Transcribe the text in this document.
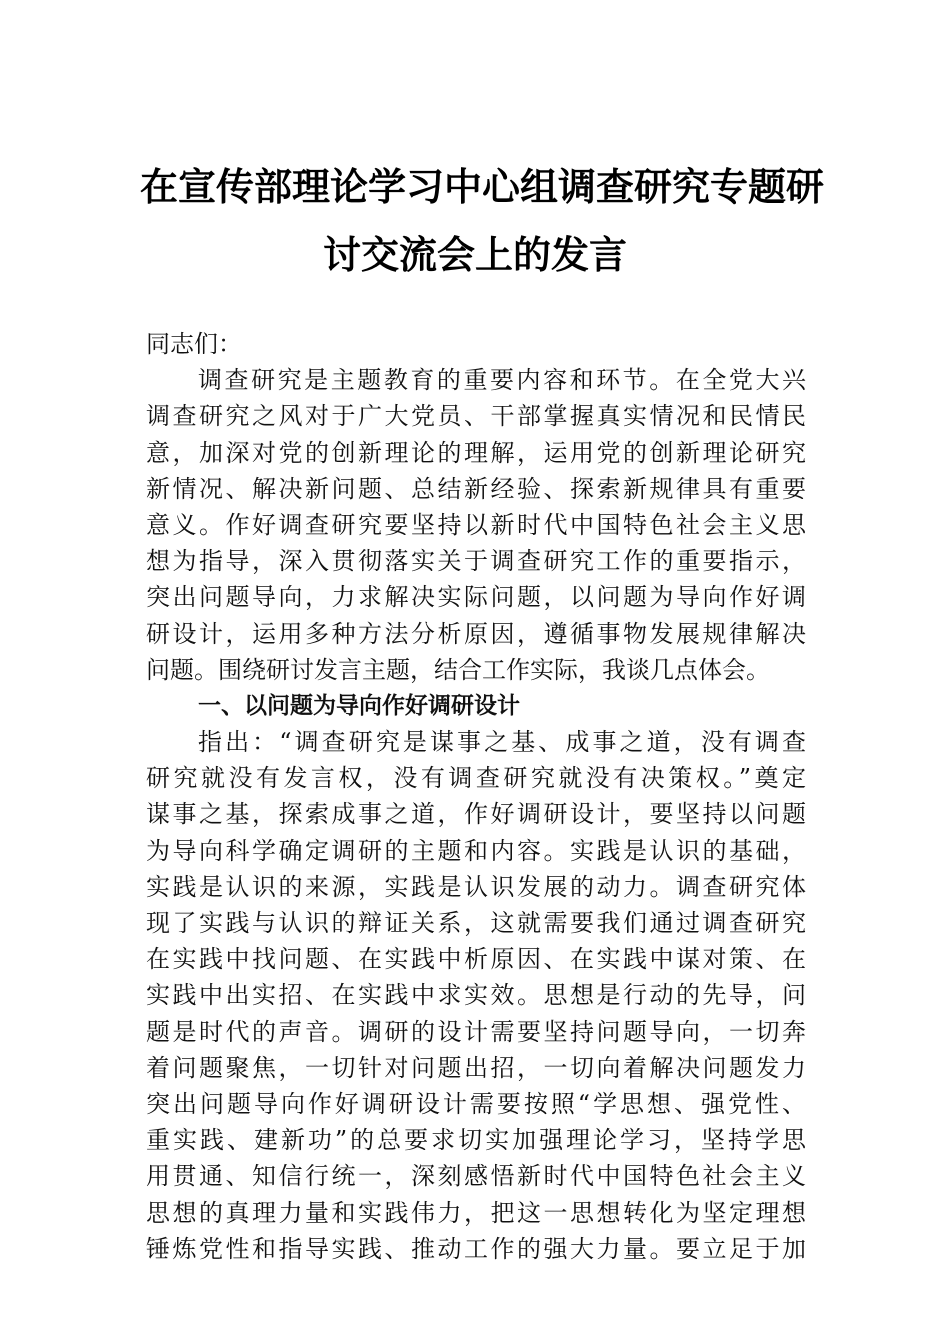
在宣传部理论学习中心组调查研究专题研
讨交流会上的发言
同志们：
调查研究是主题教育的重要内容和环节。在全党大兴
调查研究之风对于广大党员、干部掌握真实情况和民情民
意，加深对党的创新理论的理解，运用党的创新理论研究
新情况、解决新问题、总结新经验、探索新规律具有重要
意义。作好调查研究要坚持以新时代中国特色社会主义思
想为指导，深入贯彻落实关于调查研究工作的重要指示，
突出问题导向，力求解决实际问题，以问题为导向作好调
研设计，运用多种方法分析原因，遵循事物发展规律解决
问题。围绕研讨发言主题，结合工作实际，我谈几点体会。
一、以问题为导向作好调研设计
指出：“调查研究是谋事之基、成事之道，没有调查
研究就没有发言权，没有调查研究就没有决策权。”奠定
谋事之基，探索成事之道，作好调研设计，要坚持以问题
为导向科学确定调研的主题和内容。实践是认识的基础，
实践是认识的来源，实践是认识发展的动力。调查研究体
现了实践与认识的辩证关系，这就需要我们通过调查研究
在实践中找问题、在实践中析原因、在实践中谋对策、在
实践中出实招、在实践中求实效。思想是行动的先导，问
题是时代的声音。调研的设计需要坚持问题导向，一切奔
着问题聚焦，一切针对问题出招，一切向着解决问题发力
突出问题导向作好调研设计需要按照“学思想、强党性、
重实践、建新功”的总要求切实加强理论学习，坚持学思
用贯通、知信行统一，深刻感悟新时代中国特色社会主义
思想的真理力量和实践伟力，把这一思想转化为坚定理想
锤炼党性和指导实践、推动工作的强大力量。要立足于加
